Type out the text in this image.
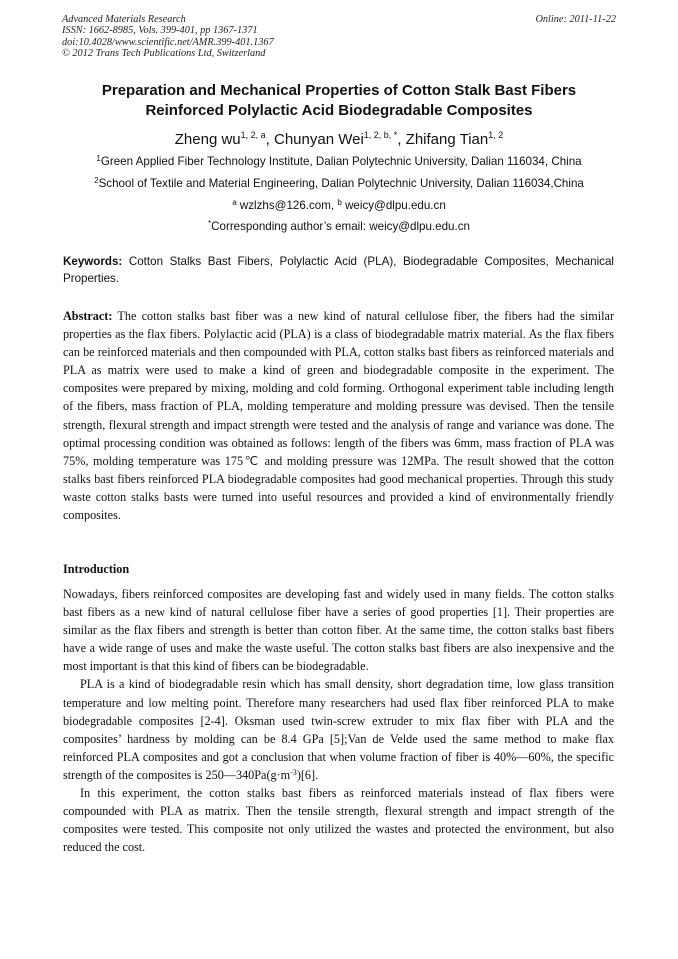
Advanced Materials Research
ISSN: 1662-8985, Vols. 399-401, pp 1367-1371
doi:10.4028/www.scientific.net/AMR.399-401.1367
© 2012 Trans Tech Publications Ltd, Switzerland
Online: 2011-11-22
Preparation and Mechanical Properties of Cotton Stalk Bast Fibers
Reinforced Polylactic Acid Biodegradable Composites
Zheng wu$^{1, 2, a}$, Chunyan Wei$^{1, 2, b, *}$, Zhifang Tian$^{1, 2}$
$^1$Green Applied Fiber Technology Institute, Dalian Polytechnic University, Dalian 116034, China
$^2$School of Textile and Material Engineering, Dalian Polytechnic University, Dalian 116034,China
$^a$ wzlzhs@126.com, $^b$ weicy@dlpu.edu.cn
*Corresponding author’s email: weicy@dlpu.edu.cn
Keywords: Cotton Stalks Bast Fibers, Polylactic Acid (PLA), Biodegradable Composites, Mechanical Properties.
Abstract: The cotton stalks bast fiber was a new kind of natural cellulose fiber, the fibers had the similar properties as the flax fibers. Polylactic acid (PLA) is a class of biodegradable matrix material. As the flax fibers can be reinforced materials and then compounded with PLA, cotton stalks bast fibers as reinforced materials and PLA as matrix were used to make a kind of green and biodegradable composite in the experiment. The composites were prepared by mixing, molding and cold forming. Orthogonal experiment table including length of the fibers, mass fraction of PLA, molding temperature and molding pressure was devised. Then the tensile strength, flexural strength and impact strength were tested and the analysis of range and variance was done. The optimal processing condition was obtained as follows: length of the fibers was 6mm, mass fraction of PLA was 75%, molding temperature was 175℃ and molding pressure was 12MPa. The result showed that the cotton stalks bast fibers reinforced PLA biodegradable composites had good mechanical properties. Through this study waste cotton stalks basts were turned into useful resources and provided a kind of environmentally friendly composites.
Introduction

Nowadays, fibers reinforced composites are developing fast and widely used in many fields. The cotton stalks bast fibers as a new kind of natural cellulose fiber have a series of good properties [1]. Their properties are similar as the flax fibers and strength is better than cotton fiber. At the same time, the cotton stalks bast fibers have a wide range of uses and make the waste useful. The cotton stalks bast fibers are also inexpensive and the most important is that this kind of fibers can be biodegradable.

PLA is a kind of biodegradable resin which has small density, short degradation time, low glass transition temperature and low melting point. Therefore many researchers had used flax fiber reinforced PLA to make biodegradable composites [2-4]. Oksman used twin-screw extruder to mix flax fiber with PLA and the composites’ hardness by molding can be 8.4 GPa [5];Van de Velde used the same method to make flax reinforced PLA composites and got a conclusion that when volume fraction of fiber is 40%—60%, the specific strength of the composites is $250—340Pa(g\cdot m^{-3})[6]$.

In this experiment, the cotton stalks bast fibers as reinforced materials instead of flax fibers were compounded with PLA as matrix. Then the tensile strength, flexural strength and impact strength of the composites were tested. This composite not only utilized the wastes and protected the environment, but also reduced the cost.
